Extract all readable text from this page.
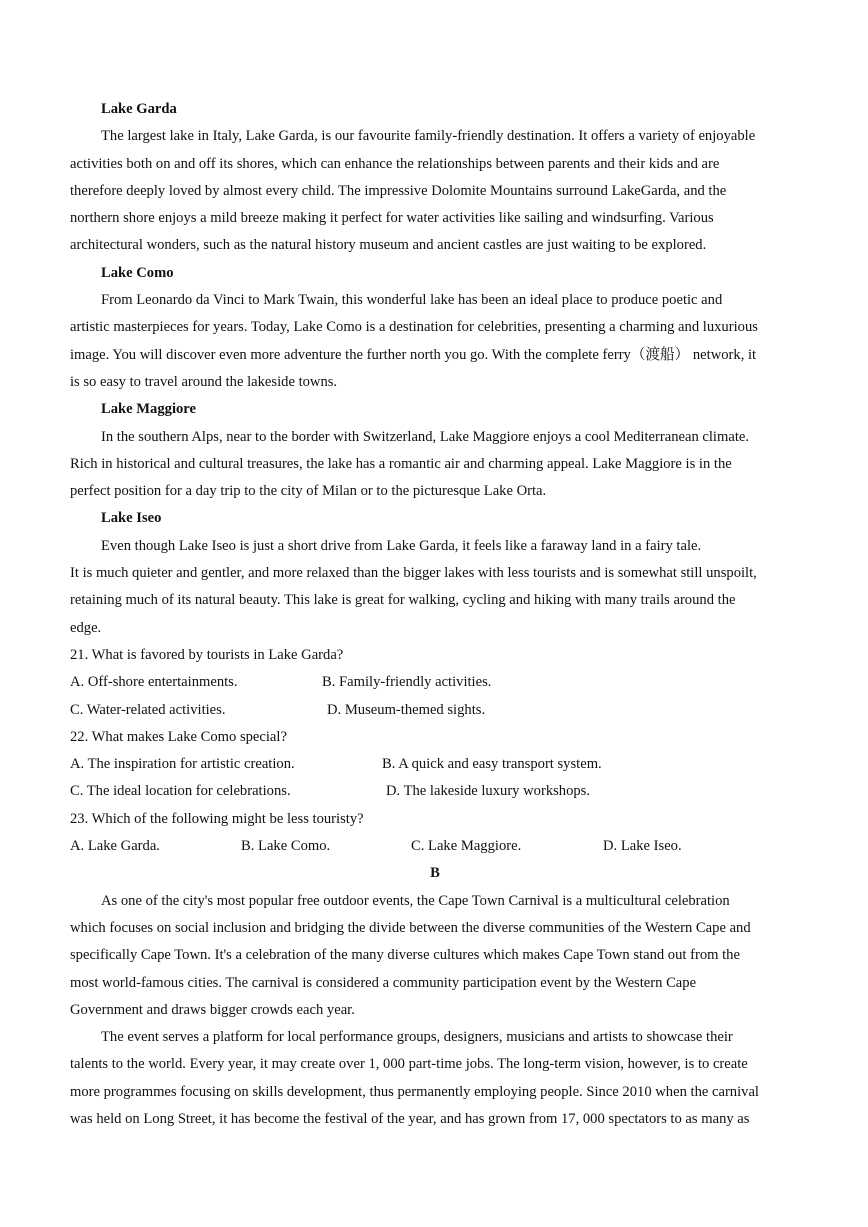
Lake Garda
The largest lake in Italy, Lake Garda, is our favourite family-friendly destination. It offers a variety of enjoyable
activities both on and off its shores, which can enhance the relationships between parents and their kids and are
therefore deeply loved by almost every child. The impressive Dolomite Mountains surround LakeGarda, and the
northern shore enjoys a mild breeze making it perfect for water activities like sailing and windsurfing. Various
architectural wonders, such as the natural history museum and ancient castles are just waiting to be explored.
Lake Como
From Leonardo da Vinci to Mark Twain, this wonderful lake has been an ideal place to produce poetic and
artistic masterpieces for years. Today, Lake Como is a destination for celebrities, presenting a charming and luxurious
image. You will discover even more adventure the further north you go. With the complete ferry（渡船） network, it
is so easy to travel around the lakeside towns.
Lake Maggiore
In the southern Alps, near to the border with Switzerland, Lake Maggiore enjoys a cool Mediterranean climate.
Rich in historical and cultural treasures, the lake has a romantic air and charming appeal. Lake Maggiore is in the
perfect position for a day trip to the city of Milan or to the picturesque Lake Orta.
Lake Iseo
Even though Lake Iseo is just a short drive from Lake Garda, it feels like a faraway land in a fairy tale.
It is much quieter and gentler, and more relaxed than the bigger lakes with less tourists and is somewhat still unspoilt,
retaining much of its natural beauty. This lake is great for walking, cycling and hiking with many trails around the
edge.
21. What is favored by tourists in Lake Garda?
A. Off-shore entertainments.	B. Family-friendly activities.
C. Water-related activities.	D. Museum-themed sights.
22. What makes Lake Como special?
A. The inspiration for artistic creation.	B. A quick and easy transport system.
C. The ideal location for celebrations.	D. The lakeside luxury workshops.
23. Which of the following might be less touristy?
A. Lake Garda.	B. Lake Como.	C. Lake Maggiore.	D. Lake Iseo.
B
As one of the city's most popular free outdoor events, the Cape Town Carnival is a multicultural celebration
which focuses on social inclusion and bridging the divide between the diverse communities of the Western Cape and
specifically Cape Town. It's a celebration of the many diverse cultures which makes Cape Town stand out from the
most world-famous cities. The carnival is considered a community participation event by the Western Cape
Government and draws bigger crowds each year.
The event serves a platform for local performance groups, designers, musicians and artists to showcase their
talents to the world. Every year, it may create over 1, 000 part-time jobs. The long-term vision, however, is to create
more programmes focusing on skills development, thus permanently employing people. Since 2010 when the carnival
was held on Long Street, it has become the festival of the year, and has grown from 17, 000 spectators to as many as
